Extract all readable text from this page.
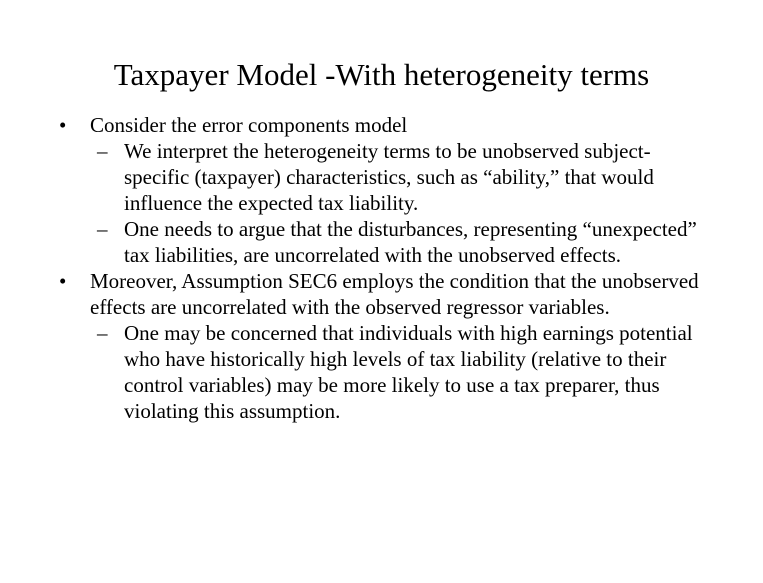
Taxpayer Model -With heterogeneity terms
• Consider the error components model
– We interpret the heterogeneity terms to be unobserved subject-specific (taxpayer) characteristics, such as “ability,” that would influence the expected tax liability.
– One needs to argue that the disturbances, representing “unexpected” tax liabilities, are uncorrelated with the unobserved effects.
• Moreover, Assumption SEC6 employs the condition that the unobserved effects are uncorrelated with the observed regressor variables.
– One may be concerned that individuals with high earnings potential who have historically high levels of tax liability (relative to their control variables) may be more likely to use a tax preparer, thus violating this assumption.
